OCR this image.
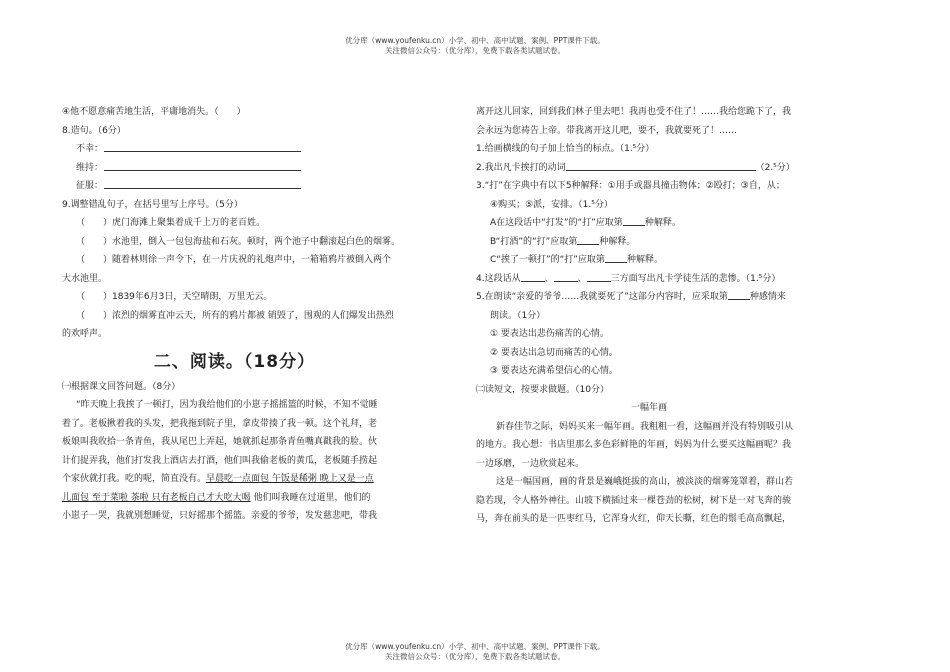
优分库（www.youfenku.cn）小学、初中、高中试题、案例、PPT课件下载。
关注微信公众号：（优分库），免费下载各类试题试卷。
④他不愿意痛苦地生活，平庸地消失。（　　）
8.造句。（6分）
不幸：
维持：
征服：
9.调整错乱句子，在括号里写上序号。（5分）
（　　）虎门海滩上聚集着成千上万的老百姓。
（　　）水池里，倒入一包包海盐和石灰。顿时，两个池子中翻滚起白色的烟雾。
（　　）随着林则徐一声令下，在一片庆祝的礼炮声中，一箱箱鸦片被倒入两个
大水池里。
（　　）1839年6月3日，天空晴朗，万里无云。
（　　）浓烈的烟雾直冲云天，所有的鸦片都被 销毁了，围观的人们爆发出热烈
的欢呼声。
二、阅读。（18分）
㈠根据课文回答问题。（8分）
“昨天晚上我挨了一顿打，因为我给他们的小崽子摇摇篮的时候，不知不觉睡
着了。老板揪着我的头发，把我拖到院子里，拿皮带揍了我一顿。这个礼拜，老
板娘叫我收拾一条青鱼，我从尾巴上弄起，她就抓起那条青鱼嘴真戳我的脸。伙
计们捉弄我，他们打发我上酒店去打酒，他们叫我偷老板的黄瓜，老板随手捞起
个家伙就打我。吃的呢，简直没有。早晨吃一点面包 午饭是稀粥 晚上又是一点
儿面包 至于菜啦 茶啦 只有老板自己才大吃大喝 他们叫我睡在过道里，他们的
小崽子一哭，我就别想睡觉，只好摇那个摇篮。亲爱的爷爷，发发慈悲吧，带我
离开这儿回家，回到我们林子里去吧！我再也受不住了！……我给您跪下了，我
会永远为您祷告上帝。带我离开这儿吧，要不，我就要死了！……
1.给画横线的句子加上恰当的标点。（1.⁵分）
2.我出凡卡挨打的动词	（2.⁵分）
3.“打”在字典中有以下5种解释：①用手或器具撞击物体；②殴打；③自，从；
④购买；⑤派，安排。（1.⁵分）
A在这段话中“打发”的“打”应取第 种解释。
B“打酒”的“打”应取第 种解释。
C“挨了一顿打”的“打”应取第 种解释。
4.这段话从	、	、	三方面写出凡卡学徒生活的悲惨。（1.⁵分）
5.在朗读“亲爱的爷爷……我就要死了”这部分内容时，应采取第 种感情来
朗读。（1分）
① 要表达出悲伤痛苦的心情。
② 要表达出急切而痛苦的心情。
③ 要表达充满希望信心的心情。
㈡读短文，按要求做题。（10分）
一幅年画
新春佳节之际，妈妈买来一幅年画。我粗粗一看，这幅画并没有特别吸引从
的地方。我心想：书店里那么多色彩鲜艳的年画，妈妈为什么要买这幅画呢？我
一边琢磨，一边欣赏起来。
这是一幅国画，画的背景是巍峨挺拔的高山，被淡淡的烟雾笼罩着，群山若
隐若现，令人格外神往。山坡下横插过来一棵苍劲的松树，树下是一对飞奔的骏
马，奔在前头的是一匹枣红马，它浑身火红，仰天长嘶，红色的鬃毛高高飘起，
优分库（www.youfenku.cn）小学、初中、高中试题、案例、PPT课件下载。
关注微信公众号：（优分库），免费下载各类试题试卷。
